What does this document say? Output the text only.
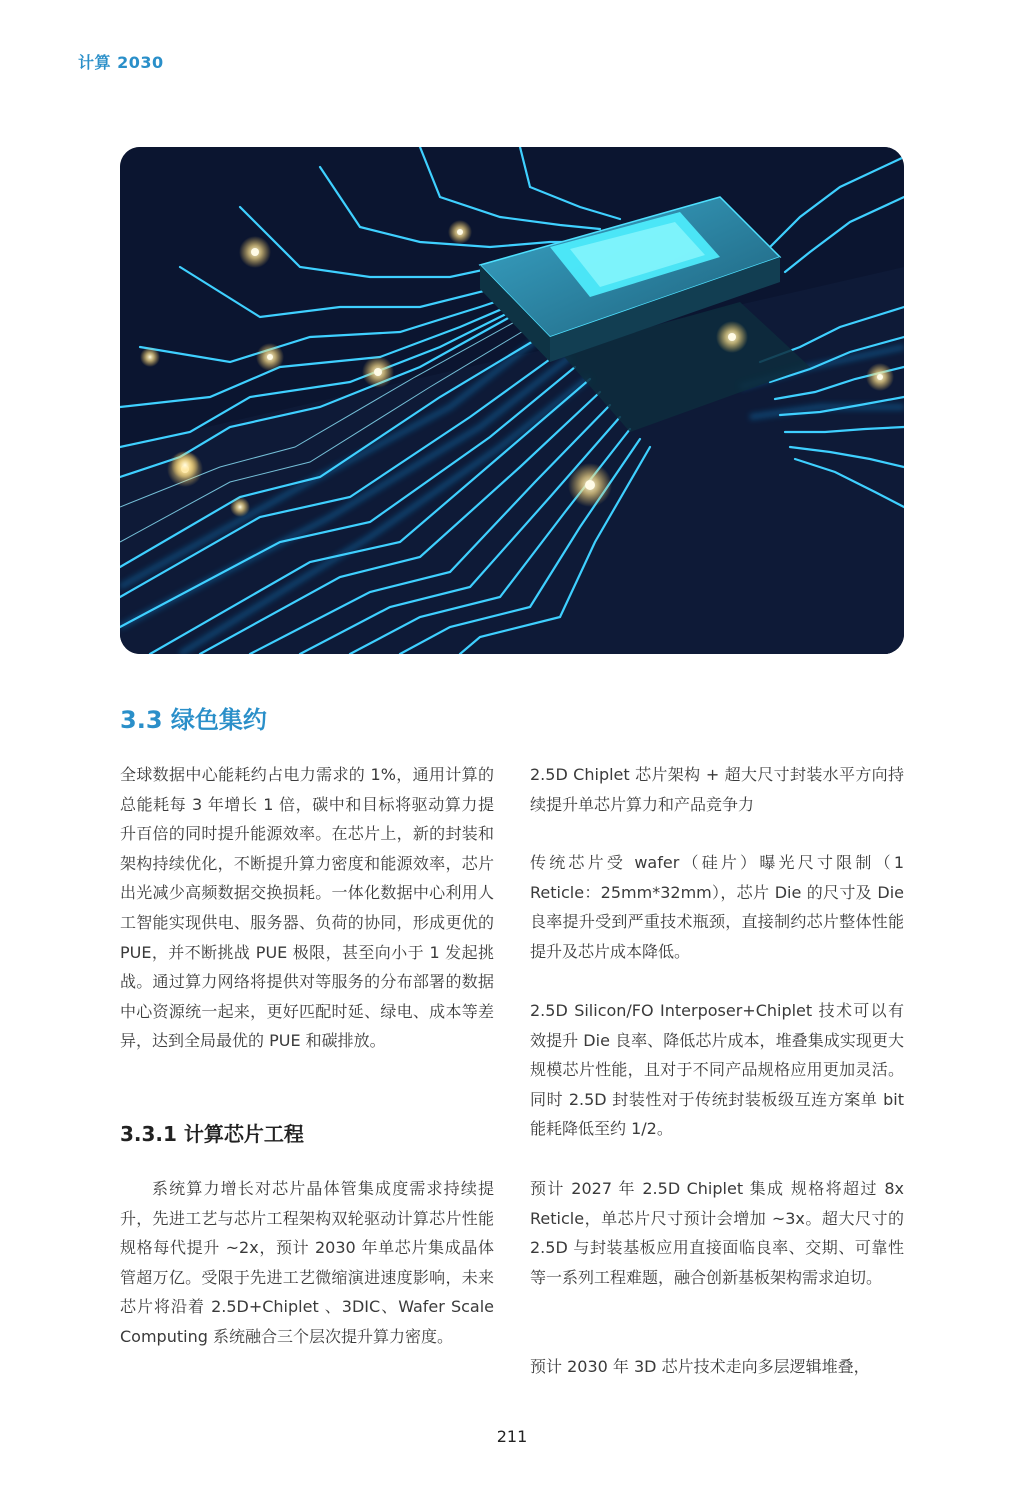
计算 2030
3.3 绿色集约

全球数据中心能耗约占电力需求的 1%，通用计算的总能耗每 3 年增长 1 倍，碳中和目标将驱动算力提升百倍的同时提升能源效率。在芯片上，新的封装和架构持续优化，不断提升算力密度和能源效率，芯片出光减少高频数据交换损耗。一体化数据中心利用人工智能实现供电、服务器、负荷的协同，形成更优的 PUE，并不断挑战 PUE 极限，甚至向小于 1 发起挑战。通过算力网络将提供对等服务的分布部署的数据中心资源统一起来，更好匹配时延、绿电、成本等差异，达到全局最优的 PUE 和碳排放。

3.3.1 计算芯片工程

系统算力增长对芯片晶体管集成度需求持续提升，先进工艺与芯片工程架构双轮驱动计算芯片性能规格每代提升 ~2x，预计 2030 年单芯片集成晶体管超万亿。受限于先进工艺微缩演进速度影响，未来芯片将沿着 2.5D+Chiplet 、3DIC、Wafer Scale Computing 系统融合三个层次提升算力密度。

2.5D Chiplet 芯片架构 + 超大尺寸封装水平方向持续提升单芯片算力和产品竞争力

传统芯片受 wafer（硅片）曝光尺寸限制（1 Reticle：25mm*32mm），芯片 Die 的尺寸及 Die 良率提升受到严重技术瓶颈，直接制约芯片整体性能提升及芯片成本降低。

2.5D Silicon/FO Interposer+Chiplet 技术可以有效提升 Die 良率、降低芯片成本，堆叠集成实现更大规模芯片性能，且对于不同产品规格应用更加灵活。同时 2.5D 封装性对于传统封装板级互连方案单 bit 能耗降低至约 1/2。

预计 2027 年 2.5D Chiplet 集成 规格将超过 8x Reticle，单芯片尺寸预计会增加 ~3x。超大尺寸的 2.5D 与封装基板应用直接面临良率、交期、可靠性等一系列工程难题，融合创新基板架构需求迫切。

预计 2030 年 3D 芯片技术走向多层逻辑堆叠，

211
